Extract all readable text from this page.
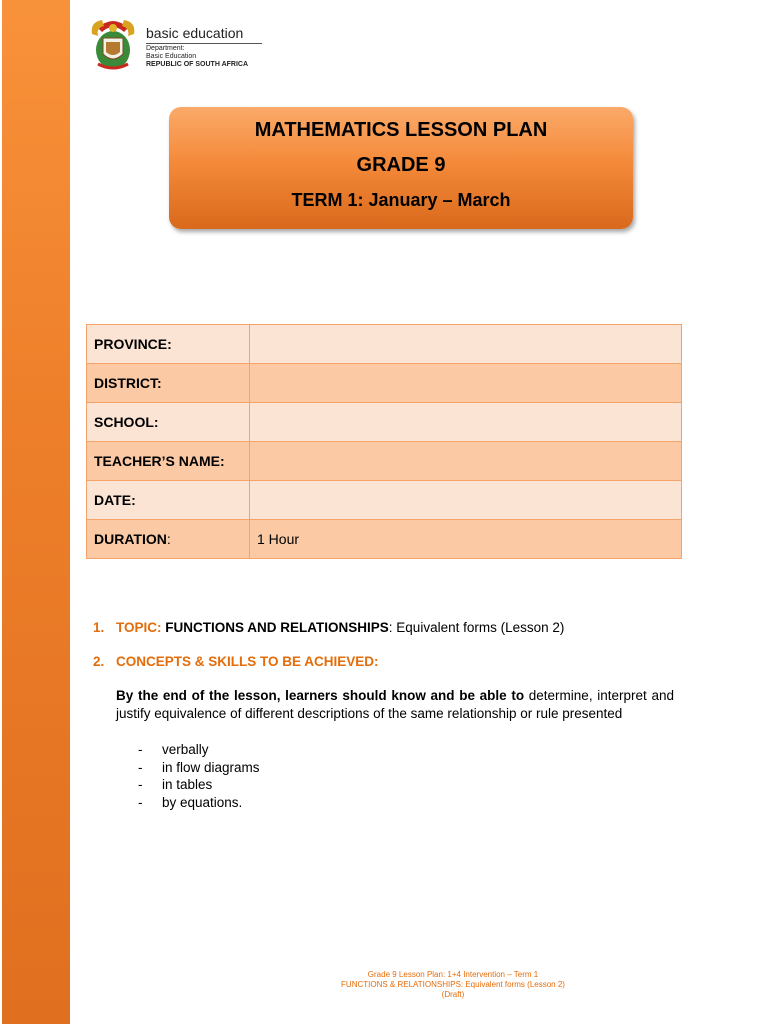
basic education
Department:
Basic Education
REPUBLIC OF SOUTH AFRICA
MATHEMATICS LESSON PLAN
GRADE 9
TERM 1: January – March
PROVINCE:	
DISTRICT:	
SCHOOL:	
TEACHER’S NAME:	
DATE:	
DURATION:	1 Hour
1. TOPIC: FUNCTIONS AND RELATIONSHIPS: Equivalent forms (Lesson 2)
2. CONCEPTS & SKILLS TO BE ACHIEVED:
By the end of the lesson, learners should know and be able to determine, interpret and justify equivalence of different descriptions of the same relationship or rule presented
- verbally
- in flow diagrams
- in tables
- by equations.
Grade 9 Lesson Plan: 1+4 Intervention – Term 1
FUNCTIONS & RELATIONSHIPS: Equivalent forms (Lesson 2)
(Draft)
